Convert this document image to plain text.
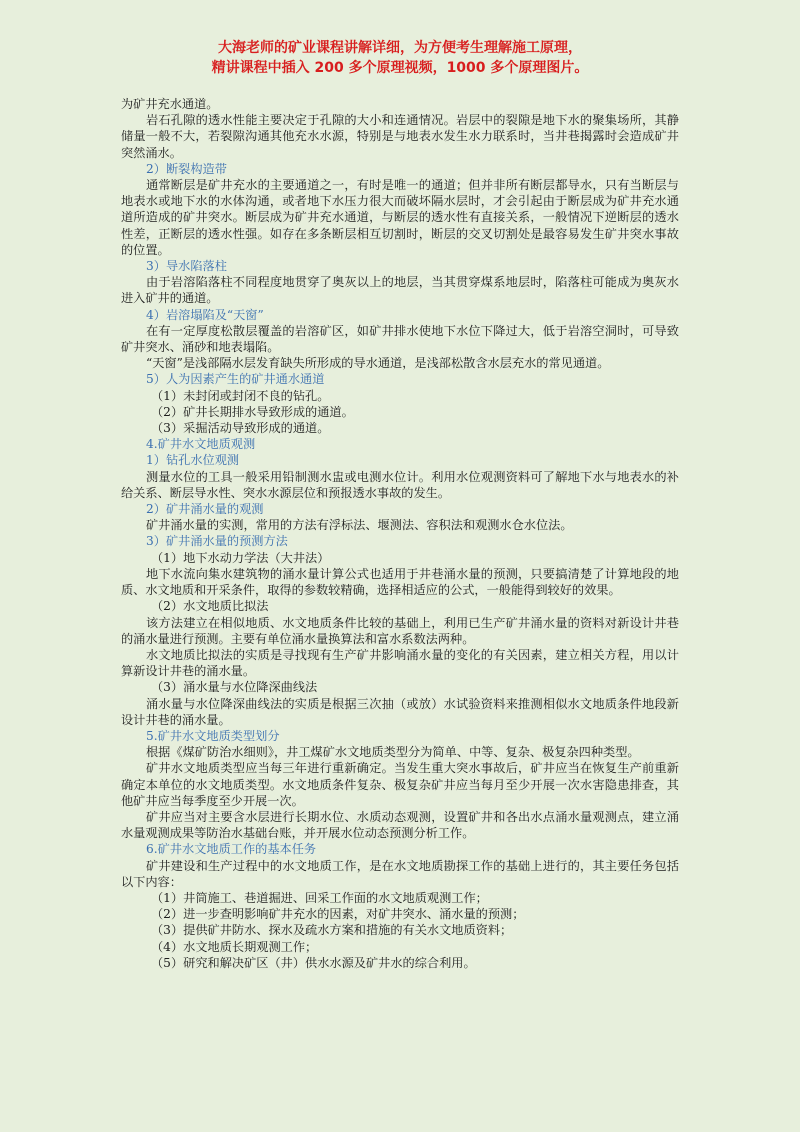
大海老师的矿业课程讲解详细，为方便考生理解施工原理，
精讲课程中插入 200 多个原理视频，1000 多个原理图片。

为矿井充水通道。

岩石孔隙的透水性能主要决定于孔隙的大小和连通情况。岩层中的裂隙是地下水的聚集场所，其静储量一般不大，若裂隙沟通其他充水水源，特别是与地表水发生水力联系时，当井巷揭露时会造成矿井突然涌水。

2）断裂构造带

通常断层是矿井充水的主要通道之一，有时是唯一的通道；但并非所有断层都导水，只有当断层与地表水或地下水的水体沟通，或者地下水压力很大而破坏隔水层时，才会引起由于断层成为矿井充水通道所造成的矿井突水。断层成为矿井充水通道，与断层的透水性有直接关系，一般情况下逆断层的透水性差，正断层的透水性强。如存在多条断层相互切割时，断层的交叉切割处是最容易发生矿井突水事故的位置。

3）导水陷落柱

由于岩溶陷落柱不同程度地贯穿了奥灰以上的地层，当其贯穿煤系地层时，陷落柱可能成为奥灰水进入矿井的通道。

4）岩溶塌陷及“天窗”

在有一定厚度松散层覆盖的岩溶矿区，如矿井排水使地下水位下降过大，低于岩溶空洞时，可导致矿井突水、涌砂和地表塌陷。

“天窗”是浅部隔水层发育缺失所形成的导水通道，是浅部松散含水层充水的常见通道。

5）人为因素产生的矿井通水通道

（1）未封闭或封闭不良的钻孔。

（2）矿井长期排水导致形成的通道。

（3）采掘活动导致形成的通道。

4.矿井水文地质观测

1）钻孔水位观测

测量水位的工具一般采用铅制测水盅或电测水位计。利用水位观测资料可了解地下水与地表水的补给关系、断层导水性、突水水源层位和预报透水事故的发生。

2）矿井涌水量的观测

矿井涌水量的实测，常用的方法有浮标法、堰测法、容积法和观测水仓水位法。

3）矿井涌水量的预测方法

（1）地下水动力学法（大井法）

地下水流向集水建筑物的涌水量计算公式也适用于井巷涌水量的预测，只要搞清楚了计算地段的地质、水文地质和开采条件，取得的参数较精确，选择相适应的公式，一般能得到较好的效果。

（2）水文地质比拟法

该方法建立在相似地质、水文地质条件比较的基础上，利用已生产矿井涌水量的资料对新设计井巷的涌水量进行预测。主要有单位涌水量换算法和富水系数法两种。

水文地质比拟法的实质是寻找现有生产矿井影响涌水量的变化的有关因素，建立相关方程，用以计算新设计井巷的涌水量。

（3）涌水量与水位降深曲线法

涌水量与水位降深曲线法的实质是根据三次抽（或放）水试验资料来推测相似水文地质条件地段新设计井巷的涌水量。

5.矿井水文地质类型划分

根据《煤矿防治水细则》，井工煤矿水文地质类型分为简单、中等、复杂、极复杂四种类型。

矿井水文地质类型应当每三年进行重新确定。当发生重大突水事故后，矿井应当在恢复生产前重新确定本单位的水文地质类型。水文地质条件复杂、极复杂矿井应当每月至少开展一次水害隐患排查，其他矿井应当每季度至少开展一次。

矿井应当对主要含水层进行长期水位、水质动态观测，设置矿井和各出水点涌水量观测点，建立涌水量观测成果等防治水基础台账，并开展水位动态预测分析工作。

6.矿井水文地质工作的基本任务

矿井建设和生产过程中的水文地质工作，是在水文地质勘探工作的基础上进行的，其主要任务包括以下内容：

（1）井筒施工、巷道掘进、回采工作面的水文地质观测工作；

（2）进一步查明影响矿井充水的因素，对矿井突水、涌水量的预测；

（3）提供矿井防水、探水及疏水方案和措施的有关水文地质资料；

（4）水文地质长期观测工作；

（5）研究和解决矿区（井）供水水源及矿井水的综合利用。
